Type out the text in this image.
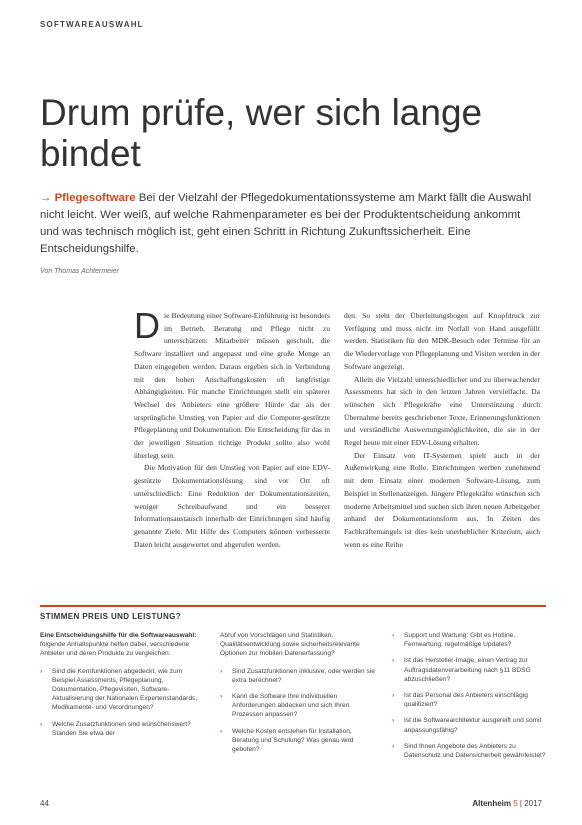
SOFTWAREAUSWAHL
Drum prüfe, wer sich lange bindet
→ Pflegesoftware Bei der Vielzahl der Pflegedokumentationssysteme am Markt fällt die Auswahl nicht leicht. Wer weiß, auf welche Rahmenparameter es bei der Produktentscheidung ankommt und was technisch möglich ist, geht einen Schritt in Richtung Zukunftssicherheit. Eine Entscheidungshilfe.
Von Thomas Achtermeier

Die Bedeutung einer Software-Einführung ist besonders im Betrieb, Beratung und Pflege nicht zu unterschätzen: Mitarbeiter müssen geschult, die Software installiert und angepasst und eine große Menge an Daten eingegeben werden. Daraus ergeben sich in Verbindung mit den hohen Anschaffungskosten oft langfristige Abhängigkeiten. Für manche Einrichtungen stellt ein späterer Wechsel des Anbieters eine größere Hürde dar als der ursprüngliche Umstieg von Papier auf die Computer-gestützte Pflegeplanung und Dokumentation. Die Entscheidung für das in der jeweiligen Situation richtige Produkt sollte also wohl überlegt sein.

Die Motivation für den Umstieg von Papier auf eine EDV-gestützte Dokumentationslösung sind vor Ort oft unterschiedlich: Eine Reduktion der Dokumentationszeiten, weniger Schreibaufwand und ein besserer Informationsaustausch innerhalb der Einrichtungen sind häufig genannte Ziele. Mit Hilfe des Computers können verbesserte Daten leicht ausgewertet und abgerufen werden.

den. So steht der Überleitungsbogen auf Knopfdruck zur Verfügung und muss nicht im Notfall von Hand ausgefüllt werden. Statistiken für den MDK-Besuch oder Termine für an die Wiedervorlage von Pflegeplanung und Visiten werden in der Software angezeigt.

Allein die Vielzahl unterschiedlicher und zu überwachender Assessments hat sich in den letzten Jahren vervielfacht. Da wünschen sich Pflegekräfte eine Unterstützung durch Übernahme bereits geschriebener Texte, Erinnerungsfunktionen und verständliche Auswertungsmöglichkeiten, die sie in der Regel heute mit einer EDV-Lösung erhalten.

Der Einsatz von IT-Systemen spielt auch in der Außenwirkung eine Rolle. Einrichtungen werben zunehmend mit dem Einsatz einer modernen Software-Lösung, zum Beispiel in Stellenanzeigen. Jüngere Pflegekräfte wünschen sich moderne Arbeitsmittel und suchen sich ihren neuen Arbeitgeber anhand der Dokumentationsform aus. In Zeiten des Fachkräftemangels ist dies kein unerheblicher Kriterium, auch wenn es eine Reihe

STIMMEN PREIS UND LEISTUNG?

Eine Entscheidungshilfe für die Softwareauswahl: folgende Anhaltspunkte helfen dabei, verschiedene Anbieter und deren Produkte zu vergleichen:

› Sind die Kernfunktionen abgedeckt, wie zum Beispiel Assessments, Pflegeplanung, Dokumentation, Pflegevisiten, Software-Aktualisierung der Nationalen Expertenstandards, Medikamente- und Verordnungen?
› Welche Zusatzfunktionen sind wünschenswert? Standen Sie etwa der

Abruf von Vorschlägen und Statistiken, Qualitätsentwicklung sowie sicherheitsrelevante Optionen zur mobilen Datenerfassung?

› Sind Zusatzfunktionen inklusive, oder werden sie extra berechnet?
› Kann die Software Ihre individuellen Anforderungen abdecken und sich Ihren Prozessen anpassen?
› Welche Kosten entstehen für Installation, Beratung und Schulung? Was genau wird geboten?
› Support und Wartung: Gibt es Hotline, Fernwartung, regelmäßige Updates?
› Ist das Hersteller-Image, einen Vertrag zur Auftragsdatenverarbeitung nach §11 BDSG abzuschließen?
› Ist das Personal des Anbieters einschlägig qualifiziert?
› Ist die Softwarearchitektur ausgereift und somit anpassungsfähig?
› Sind Ihnen Angebote des Anbieters zu Datenschutz und Datensicherheit gewährleistet?
44	Altenheim 5 | 2017
